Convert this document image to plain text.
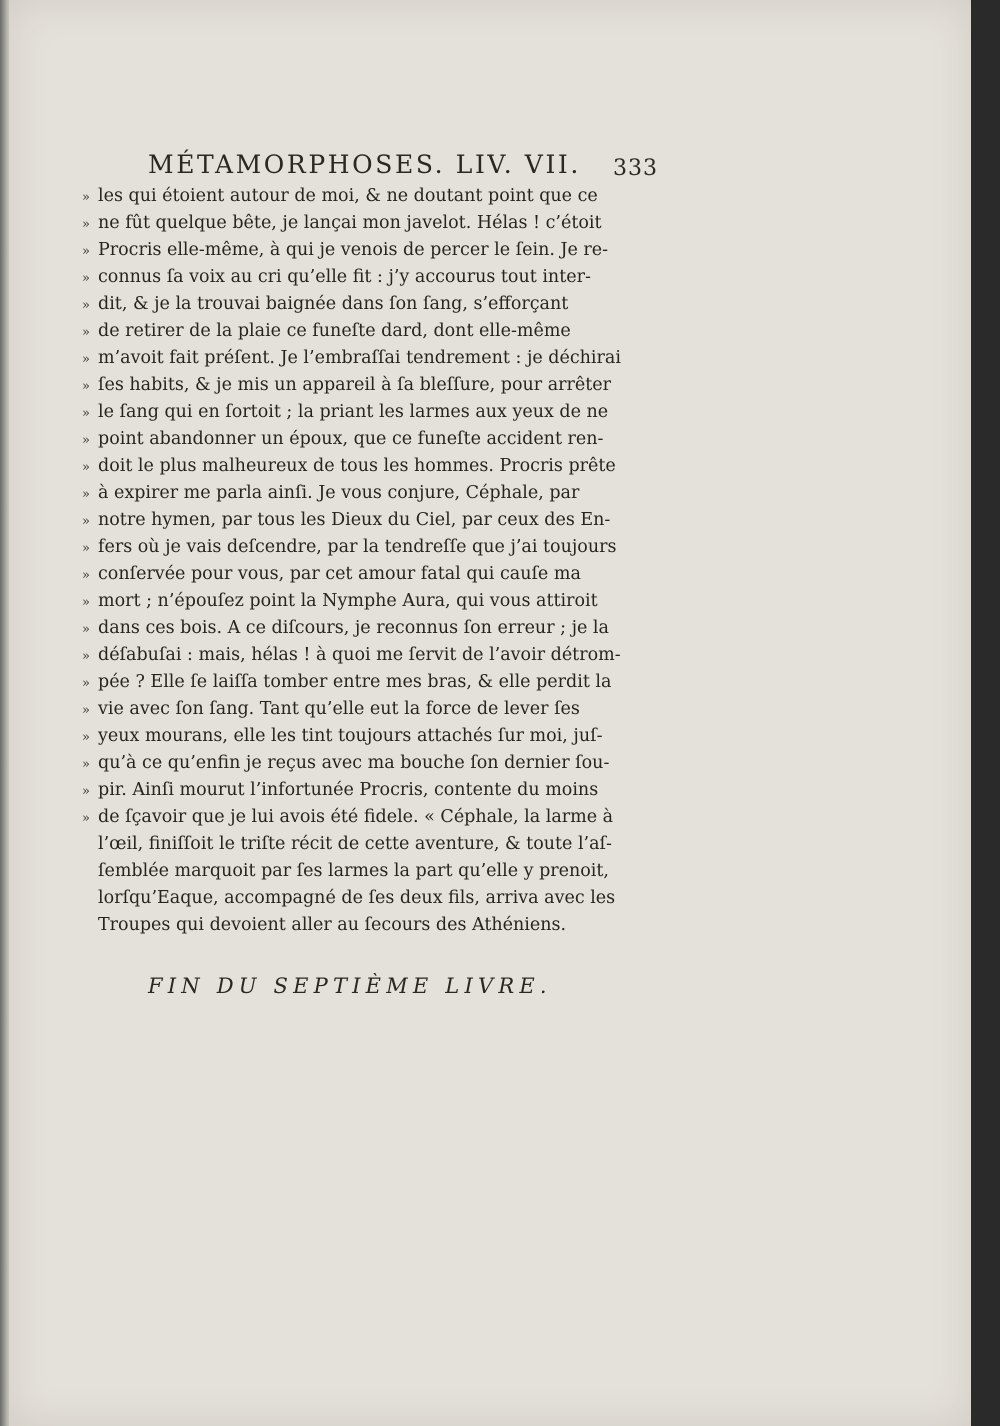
MÉTAMORPHOSES. LIV. VII. 333
» les qui étoient autour de moi, & ne doutant point que ce
» ne fût quelque bête, je lançai mon javelot. Hélas ! c’étoit
» Procris elle-même, à qui je venois de percer le ſein. Je re-
» connus ſa voix au cri qu’elle fit : j’y accourus tout inter-
» dit, & je la trouvai baignée dans ſon ſang, s’efforçant
» de retirer de la plaie ce funeſte dard, dont elle-même
» m’avoit fait préſent. Je l’embraſſai tendrement : je déchirai
» ſes habits, & je mis un appareil à ſa bleſſure, pour arrêter
» le ſang qui en ſortoit ; la priant les larmes aux yeux de ne
» point abandonner un époux, que ce funeſte accident ren-
» doit le plus malheureux de tous les hommes. Procris prête
» à expirer me parla ainſi. Je vous conjure, Céphale, par
» notre hymen, par tous les Dieux du Ciel, par ceux des En-
» fers où je vais deſcendre, par la tendreſſe que j’ai toujours
» conſervée pour vous, par cet amour fatal qui cauſe ma
» mort ; n’épouſez point la Nymphe Aura, qui vous attiroit
» dans ces bois. A ce diſcours, je reconnus ſon erreur ; je la
» déſabuſai : mais, hélas ! à quoi me ſervit de l’avoir détrom-
» pée ? Elle ſe laiſſa tomber entre mes bras, & elle perdit la
» vie avec ſon ſang. Tant qu’elle eut la force de lever ſes
» yeux mourans, elle les tint toujours attachés ſur moi, juſ-
» qu’à ce qu’enfin je reçus avec ma bouche ſon dernier ſou-
» pir. Ainſi mourut l’infortunée Procris, contente du moins
» de ſçavoir que je lui avois été fidele. « Céphale, la larme à
l’œil, finiſſoit le triſte récit de cette aventure, & toute l’aſ-
ſemblée marquoit par ſes larmes la part qu’elle y prenoit,
lorſqu’Eaque, accompagné de ſes deux fils, arriva avec les
Troupes qui devoient aller au ſecours des Athéniens.
FIN DU SEPTIÈME LIVRE.
